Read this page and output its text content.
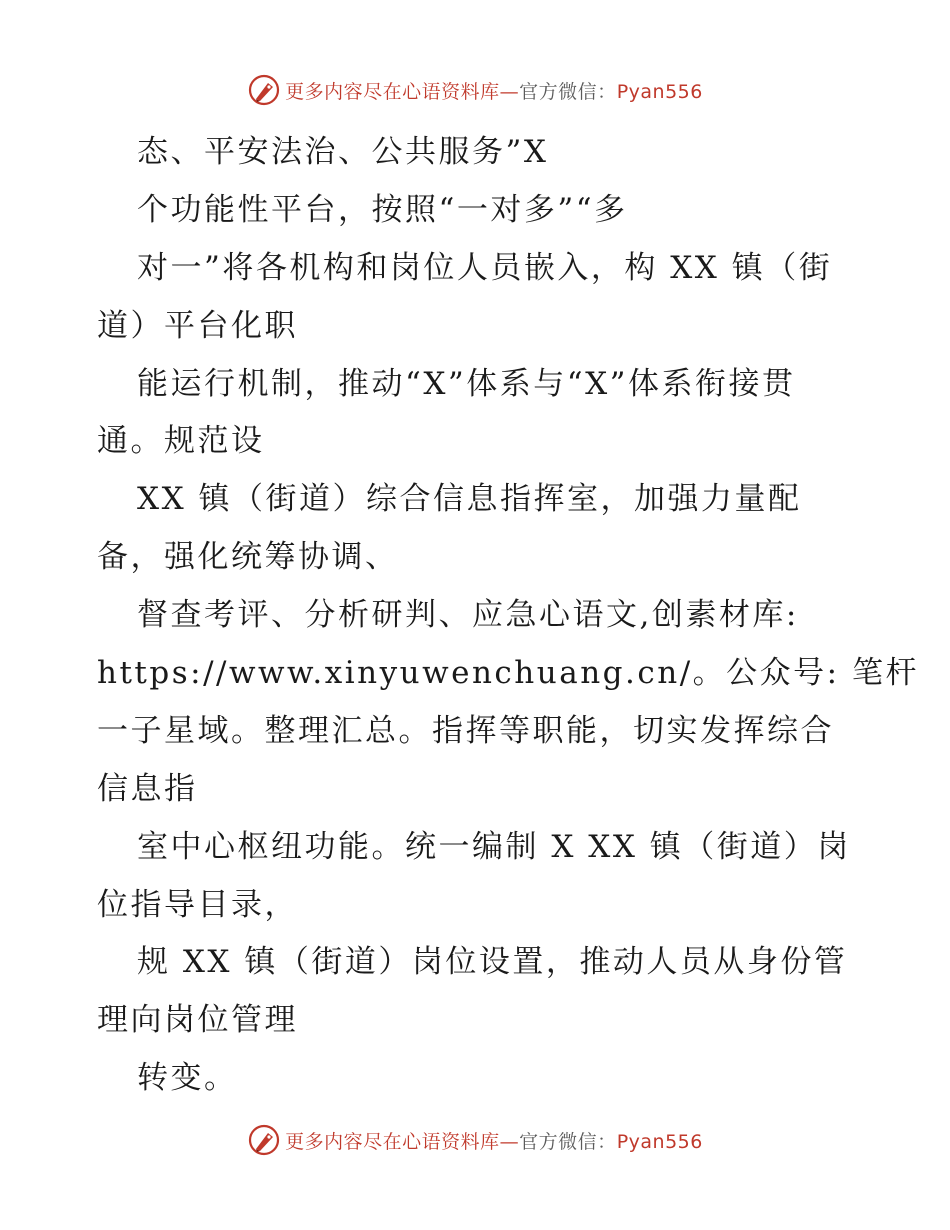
更多内容尽在心语资料库—官方微信：Pyan556
态、平安法治、公共服务”X
个功能性平台，按照“一对多”“多
对一”将各机构和岗位人员嵌入，构 XX 镇（街
道）平台化职
能运行机制，推动“X”体系与“X”体系衔接贯
通。规范设
XX 镇（街道）综合信息指挥室，加强力量配
备，强化统筹协调、
督查考评、分析研判、应急心语文,创素材库:
https://www.xinyuwenchuang.cn/。公众号: 笔杆
一子星域。整理汇总。指挥等职能，切实发挥综合
信息指
室中心枢纽功能。统一编制 X XX 镇（街道）岗
位指导目录，
规 XX 镇（街道）岗位设置，推动人员从身份管
理向岗位管理
转变。
更多内容尽在心语资料库—官方微信：Pyan556
